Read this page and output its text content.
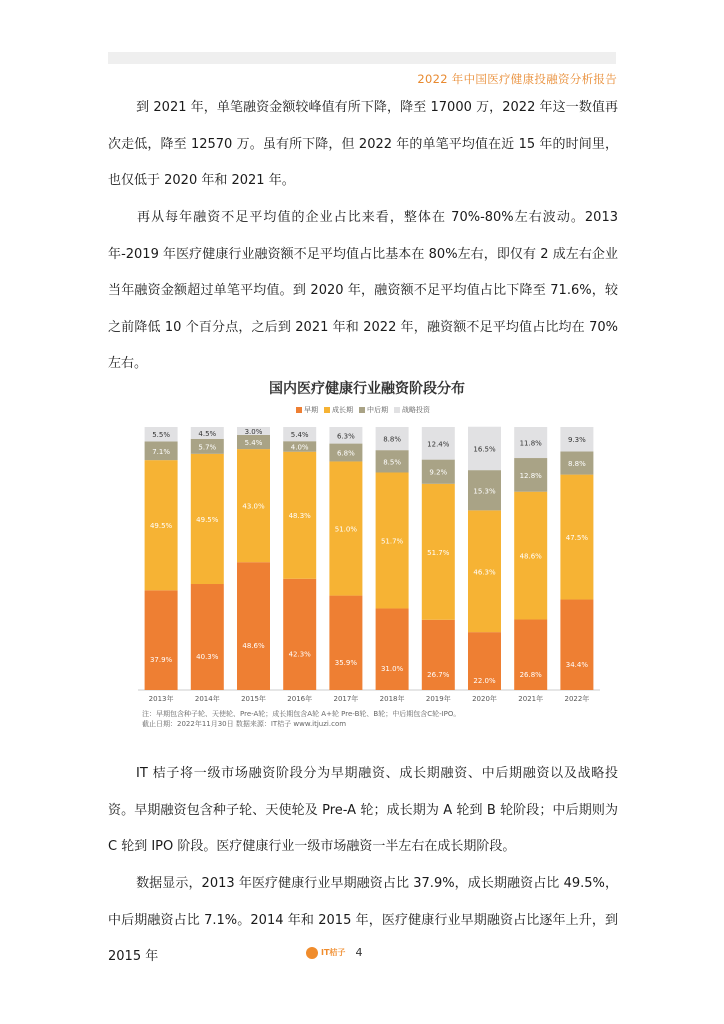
2022 年中国医疗健康投融资分析报告
到 2021 年，单笔融资金额较峰值有所下降，降至 17000 万，2022 年这一数值再次走低，降至 12570 万。虽有所下降，但 2022 年的单笔平均值在近 15 年的时间里，也仅低于 2020 年和 2021 年。
再从每年融资不足平均值的企业占比来看，整体在 70%-80%左右波动。2013 年-2019 年医疗健康行业融资额不足平均值占比基本在 80%左右，即仅有 2 成左右企业当年融资金额超过单笔平均值。到 2020 年，融资额不足平均值占比下降至 71.6%，较之前降低 10 个百分点，之后到 2021 年和 2022 年，融资额不足平均值占比均在 70%左右。
37.9%
49.5%
7.1%
5.5%
2013年
40.3%
49.5%
5.7%
4.5%
2014年
48.6%
43.0%
5.4%
3.0%
2015年
42.3%
48.3%
4.0%
5.4%
2016年
35.9%
51.0%
6.8%
6.3%
2017年
31.0%
51.7%
8.5%
8.8%
2018年
26.7%
51.7%
9.2%
12.4%
2019年
22.0%
46.3%
15.3%
16.5%
2020年
26.8%
48.6%
12.8%
11.8%
2021年
34.4%
47.5%
8.8%
9.3%
2022年
国内医疗健康行业融资阶段分布
早期 成长期 中后期 战略投资
注：早期包含种子轮、天使轮、Pre-A轮；成长期包含A轮 A+轮 Pre-B轮、B轮；中后期包含C轮-IPO。
截止日期：2022年11月30日 数据来源：IT桔子 www.itjuzi.com
IT 桔子将一级市场融资阶段分为早期融资、成长期融资、中后期融资以及战略投资。早期融资包含种子轮、天使轮及 Pre-A 轮；成长期为 A 轮到 B 轮阶段；中后期则为 C 轮到 IPO 阶段。医疗健康行业一级市场融资一半左右在成长期阶段。
数据显示，2013 年医疗健康行业早期融资占比 37.9%，成长期融资占比 49.5%，中后期融资占比 7.1%。2014 年和 2015 年，医疗健康行业早期融资占比逐年上升，到 2015 年	IT桔子 4
